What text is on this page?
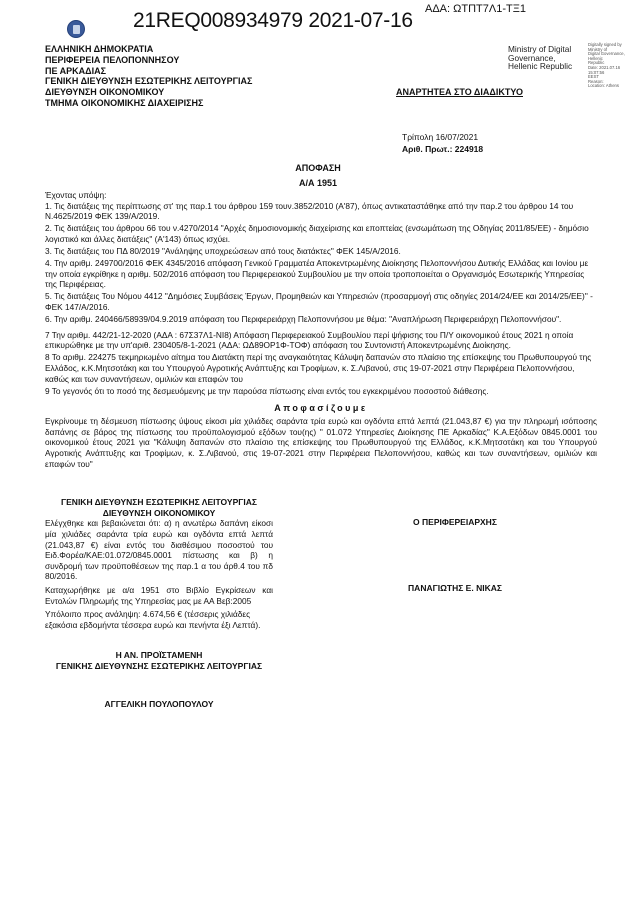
21REQ008934979 2021-07-16 ΑΔΑ: ΩΤΠΤ7Λ1-ΤΞ1
ΕΛΛΗΝΙΚΗ ΔΗΜΟΚΡΑΤΙΑ
ΠΕΡΙΦΕΡΕΙΑ ΠΕΛΟΠΟΝΝΗΣΟΥ
ΠΕ ΑΡΚΑΔΙΑΣ
ΓΕΝΙΚΗ ΔΙΕΥΘΥΝΣΗ ΕΣΩΤΕΡΙΚΗΣ ΛΕΙΤΟΥΡΓΙΑΣ
ΔΙΕΥΘΥΝΣΗ ΟΙΚΟΝΟΜΙΚΟΥ
ΤΜΗΜΑ ΟΙΚΟΝΟΜΙΚΗΣ ΔΙΑΧΕΙΡΙΣΗΣ
Ministry of Digital
Governance,
Hellenic Republic
Digitally signed by Ministry of
Digital Governance, Hellenic
Republic
Date: 2021.07.16 15:07:56
EEST
Reason:
Location: Athens
ΑΝΑΡΤΗΤΕΑ ΣΤΟ ΔΙΑΔΙΚΤΥΟ
Τρίπολη 16/07/2021
Αριθ. Πρωτ.: 224918
ΑΠΟΦΑΣΗ
Α/Α 1951

Έχοντας υπόψη:

1. Τις διατάξεις της περίπτωσης στ' της παρ.1 του άρθρου 159 τουν.3852/2010 (Α'87), όπως αντικαταστάθηκε από την παρ.2 του άρθρου 14 του Ν.4625/2019 ΦΕΚ 139/Α/2019.

2. Τις διατάξεις του άρθρου 66 του ν.4270/2014 "Αρχές δημοσιονομικής διαχείρισης και εποπτείας (ενσωμάτωση της Οδηγίας 2011/85/ΕΕ) - δημόσιο λογιστικό και άλλες διατάξεις" (Α'143) όπως ισχύει.

3. Τις διατάξεις του ΠΔ 80/2019 "Ανάληψης υποχρεώσεων από τους διατάκτες" ΦΕΚ 145/Α/2016.

4. Την αριθμ. 249700/2016 ΦΕΚ 4345/2016 απόφαση Γενικού Γραμματέα Αποκεντρωμένης Διοίκησης Πελοποννήσου Δυτικής Ελλάδας και Ιονίου με την οποία εγκρίθηκε η αριθμ. 502/2016 απόφαση του Περιφερειακού Συμβουλίου με την οποία τροποποιείται ο Οργανισμός Εσωτερικής Υπηρεσίας της Περιφέρειας.

5. Τις διατάξεις Του Νόμου 4412 "Δημόσιες Συμβάσεις Έργων, Προμηθειών και Υπηρεσιών (προσαρμογή στις οδηγίες 2014/24/ΕΕ και 2014/25/ΕΕ)" - ΦΕΚ 147/Α/2016.

6. Την αριθμ. 240466/58939/04.9.2019 απόφαση του Περιφερειάρχη Πελοποννήσου με θέμα: "Αναπλήρωση Περιφερειάρχη Πελοποννήσου".

7 Την αριθμ. 442/21-12-2020 (ΑΔΑ : 67Σ37Λ1-ΝΙ8) Απόφαση Περιφερειακού Συμβουλίου περί ψήφισης του Π/Υ οικονομικού έτους 2021 η οποία επικυρώθηκε με την υπ'αριθ. 230405/8-1-2021 (ΑΔΑ: ΩΔ89ΟΡ1Φ-ΤΟΦ) απόφαση του Συντονιστή Αποκεντρωμένης Διοίκησης.

8 Το αριθμ. 224275 τεκμηριωμένο αίτημα του Διατάκτη περί της αναγκαιότητας Κάλυψη δαπανών στο πλαίσιο της επίσκεψης του Πρωθυπουργού της Ελλάδος, κ.Κ.Μητσοτάκη και του Υπουργού Αγροτικής Ανάπτυξης και Τροφίμων, κ. Σ.Λιβανού, στις 19-07-2021 στην Περιφέρεια Πελοποννήσου, καθώς και των συναντήσεων, ομιλιών και επαφών του

9 Το γεγονός ότι το ποσό της δεσμευόμενης με την παρούσα πίστωσης είναι εντός του εγκεκριμένου ποσοστού διάθεσης.

Αποφασίζουμε
Εγκρίνουμε τη δέσμευση πίστωσης ύψους είκοσι μία χιλιάδες σαράντα τρία ευρώ και ογδόντα επτά λεπτά (21.043,87 €) για την πληρωμή ισόποσης δαπάνης σε βάρος της πίστωσης του προϋπολογισμού εξόδων του(ης) " 01.072 Υπηρεσίες Διοίκησης ΠΕ Αρκαδίας" Κ.Α.Εξόδων 0845.0001 του οικονομικού έτους 2021 για "Κάλυψη δαπανών στο πλαίσιο της επίσκεψης του Πρωθυπουργού της Ελλάδος, κ.Κ.Μητσοτάκη και του Υπουργού Αγροτικής Ανάπτυξης και Τροφίμων, κ. Σ.Λιβανού, στις 19-07-2021 στην Περιφέρεια Πελοποννήσου, καθώς και των συναντήσεων, ομιλιών και επαφών του"
ΓΕΝΙΚΗ ΔΙΕΥΘΥΝΣΗ ΕΣΩΤΕΡΙΚΗΣ ΛΕΙΤΟΥΡΓΙΑΣ
ΔΙΕΥΘΥΝΣΗ ΟΙΚΟΝΟΜΙΚΟΥ

Ελέγχθηκε και βεβαιώνεται ότι: α) η ανωτέρω δαπάνη είκοσι μία χιλιάδες σαράντα τρία ευρώ και ογδόντα επτά λεπτά (21.043,87 €) είναι εντός του διαθέσιμου ποσοστού του Ειδ.Φορέα/ΚΑΕ:01.072/0845.0001 πίστωσης και β) η συνδρομή των προϋποθέσεων της παρ.1 α του άρθ.4 του πδ 80/2016.

Καταχωρήθηκε με α/α 1951 στο Βιβλίο Εγκρίσεων και Εντολών Πληρωμής της Υπηρεσίας μας με ΑΑ Βεβ:2005

Υπόλοιπο προς ανάληψη: 4.674,56 € (τέσσερις χιλιάδες εξακόσια εβδομήντα τέσσερα ευρώ και πενήντα έξι Λεπτά).

Η ΑΝ. ΠΡΟΪΣΤΑΜΕΝΗ
ΓΕΝΙΚΗΣ ΔΙΕΥΘΥΝΣΗΣ ΕΣΩΤΕΡΙΚΗΣ ΛΕΙΤΟΥΡΓΙΑΣ
ΑΓΓΕΛΙΚΗ ΠΟΥΛΟΠΟΥΛΟΥ
Ο ΠΕΡΙΦΕΡΕΙΑΡΧΗΣ
ΠΑΝΑΓΙΩΤΗΣ Ε. ΝΙΚΑΣ
